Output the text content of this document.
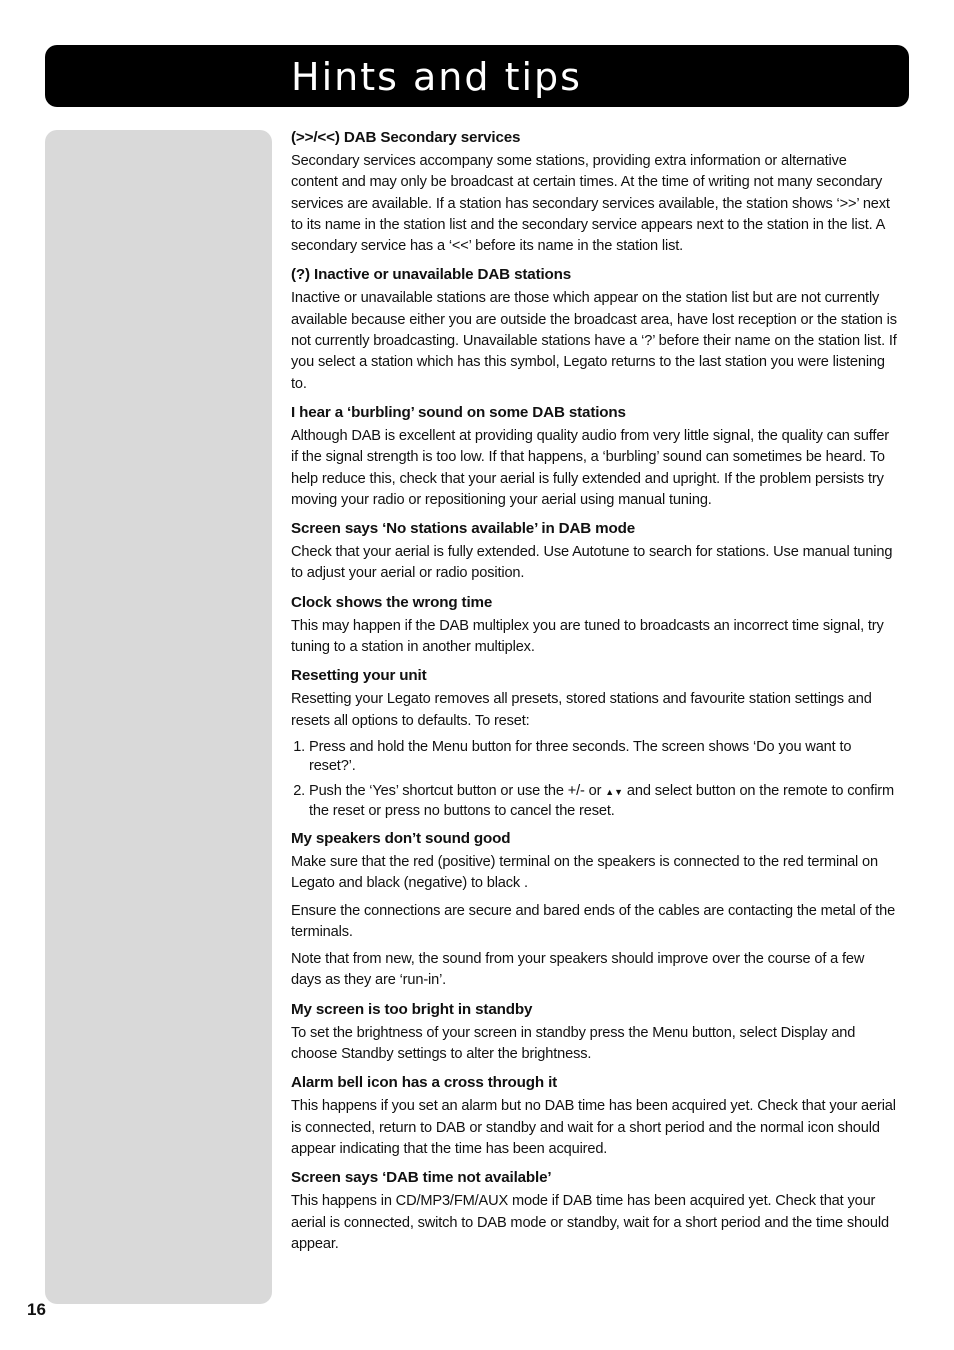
Hints and tips
(>>/<<) DAB Secondary services

Secondary services accompany some stations, providing extra information or alternative content and may only be broadcast at certain times. At the time of writing not many secondary services are available. If a station has secondary services available, the station shows ‘>>’ next to its name in the station list and the secondary service appears next to the station in the list. A secondary service has a ‘<<’ before its name in the station list.

(?) Inactive or unavailable DAB stations

Inactive or unavailable stations are those which appear on the station list but are not currently available because either you are outside the broadcast area, have lost reception or the station is not currently broadcasting. Unavailable stations have a ‘?’ before their name on the station list. If you select a station which has this symbol, Legato returns to the last station you were listening to.

I hear a ‘burbling’ sound on some DAB stations

Although DAB is excellent at providing quality audio from very little signal, the quality can suffer if the signal strength is too low. If that happens, a ‘burbling’ sound can sometimes be heard. To help reduce this, check that your aerial is fully extended and upright. If the problem persists try moving your radio or repositioning your aerial using manual tuning.

Screen says ‘No stations available’ in DAB mode

Check that your aerial is fully extended. Use Autotune to search for stations. Use manual tuning to adjust your aerial or radio position.

Clock shows the wrong time

This may happen if the DAB multiplex you are tuned to broadcasts an incorrect time signal, try tuning to a station in another multiplex.

Resetting your unit

Resetting your Legato removes all presets, stored stations and favourite station settings and resets all options to defaults. To reset:

1. Press and hold the Menu button for three seconds. The screen shows ‘Do you want to reset?’.
2. Push the ‘Yes’ shortcut button or use the +/- or ▲▼ and select button on the remote to confirm the reset or press no buttons to cancel the reset.
My speakers don’t sound good

Make sure that the red (positive) terminal on the speakers is connected to the red terminal on Legato and black (negative) to black .

Ensure the connections are secure and bared ends of the cables are contacting the metal of the terminals.

Note that from new, the sound from your speakers should improve over the course of a few days as they are ‘run-in’.

My screen is too bright in standby

To set the brightness of your screen in standby press the Menu button, select Display and choose Standby settings to alter the brightness.

Alarm bell icon has a cross through it

This happens if you set an alarm but no DAB time has been acquired yet. Check that your aerial is connected, return to DAB or standby and wait for a short period and the normal icon should appear indicating that the time has been acquired.

Screen says ‘DAB time not available’

This happens in CD/MP3/FM/AUX mode if DAB time has been acquired yet. Check that your aerial is connected, switch to DAB mode or standby, wait for a short period and the time should appear.

16
